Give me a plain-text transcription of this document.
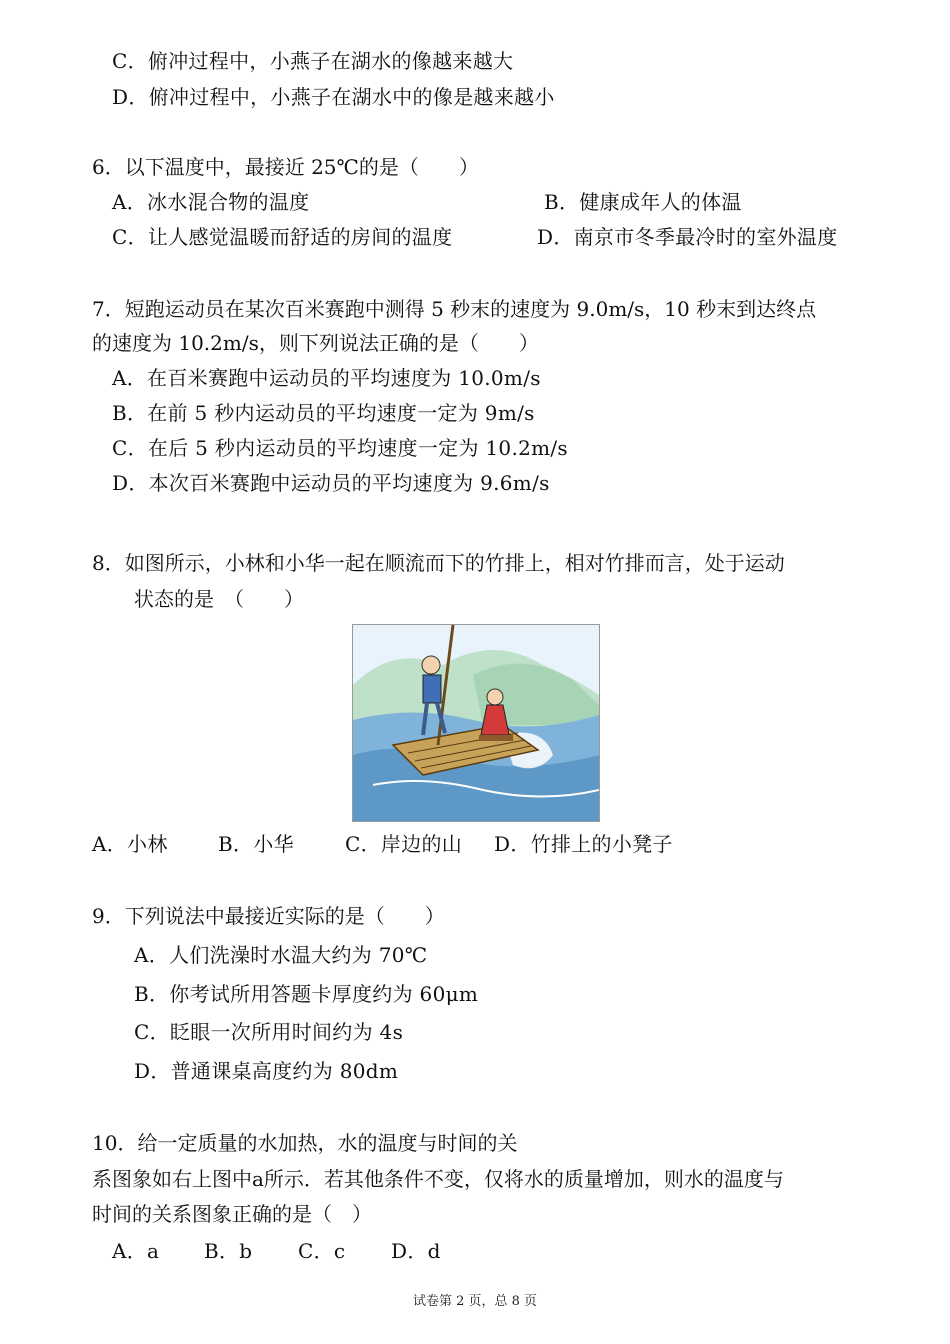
C．俯冲过程中，小燕子在湖水的像越来越大
D．俯冲过程中，小燕子在湖水中的像是越来越小
6．以下温度中，最接近 25℃的是（　　）
A．冰水混合物的温度	B．健康成年人的体温
C．让人感觉温暖而舒适的房间的温度	D．南京市冬季最冷时的室外温度
7．短跑运动员在某次百米赛跑中测得 5 秒末的速度为 9.0m/s，10 秒末到达终点
的速度为 10.2m/s，则下列说法正确的是（　　）
A．在百米赛跑中运动员的平均速度为 10.0m/s
B．在前 5 秒内运动员的平均速度一定为 9m/s
C．在后 5 秒内运动员的平均速度一定为 10.2m/s
D．本次百米赛跑中运动员的平均速度为 9.6m/s
8．如图所示，小林和小华一起在顺流而下的竹排上，相对竹排而言，处于运动
状态的是　（　　）
A．小林	B．小华	C．岸边的山 D．竹排上的小凳子
9．下列说法中最接近实际的是（　　）
A．人们洗澡时水温大约为 70℃
B．你考试所用答题卡厚度约为 60μm
C．眨眼一次所用时间约为 4s
D．普通课桌高度约为 80dm
10．给一定质量的水加热，水的温度与时间的关
系图象如右上图中a所示．若其他条件不变，仅将水的质量增加，则水的温度与
时间的关系图象正确的是（　）
A．a B．b C．c D．d
试卷第 2 页，总 8 页
